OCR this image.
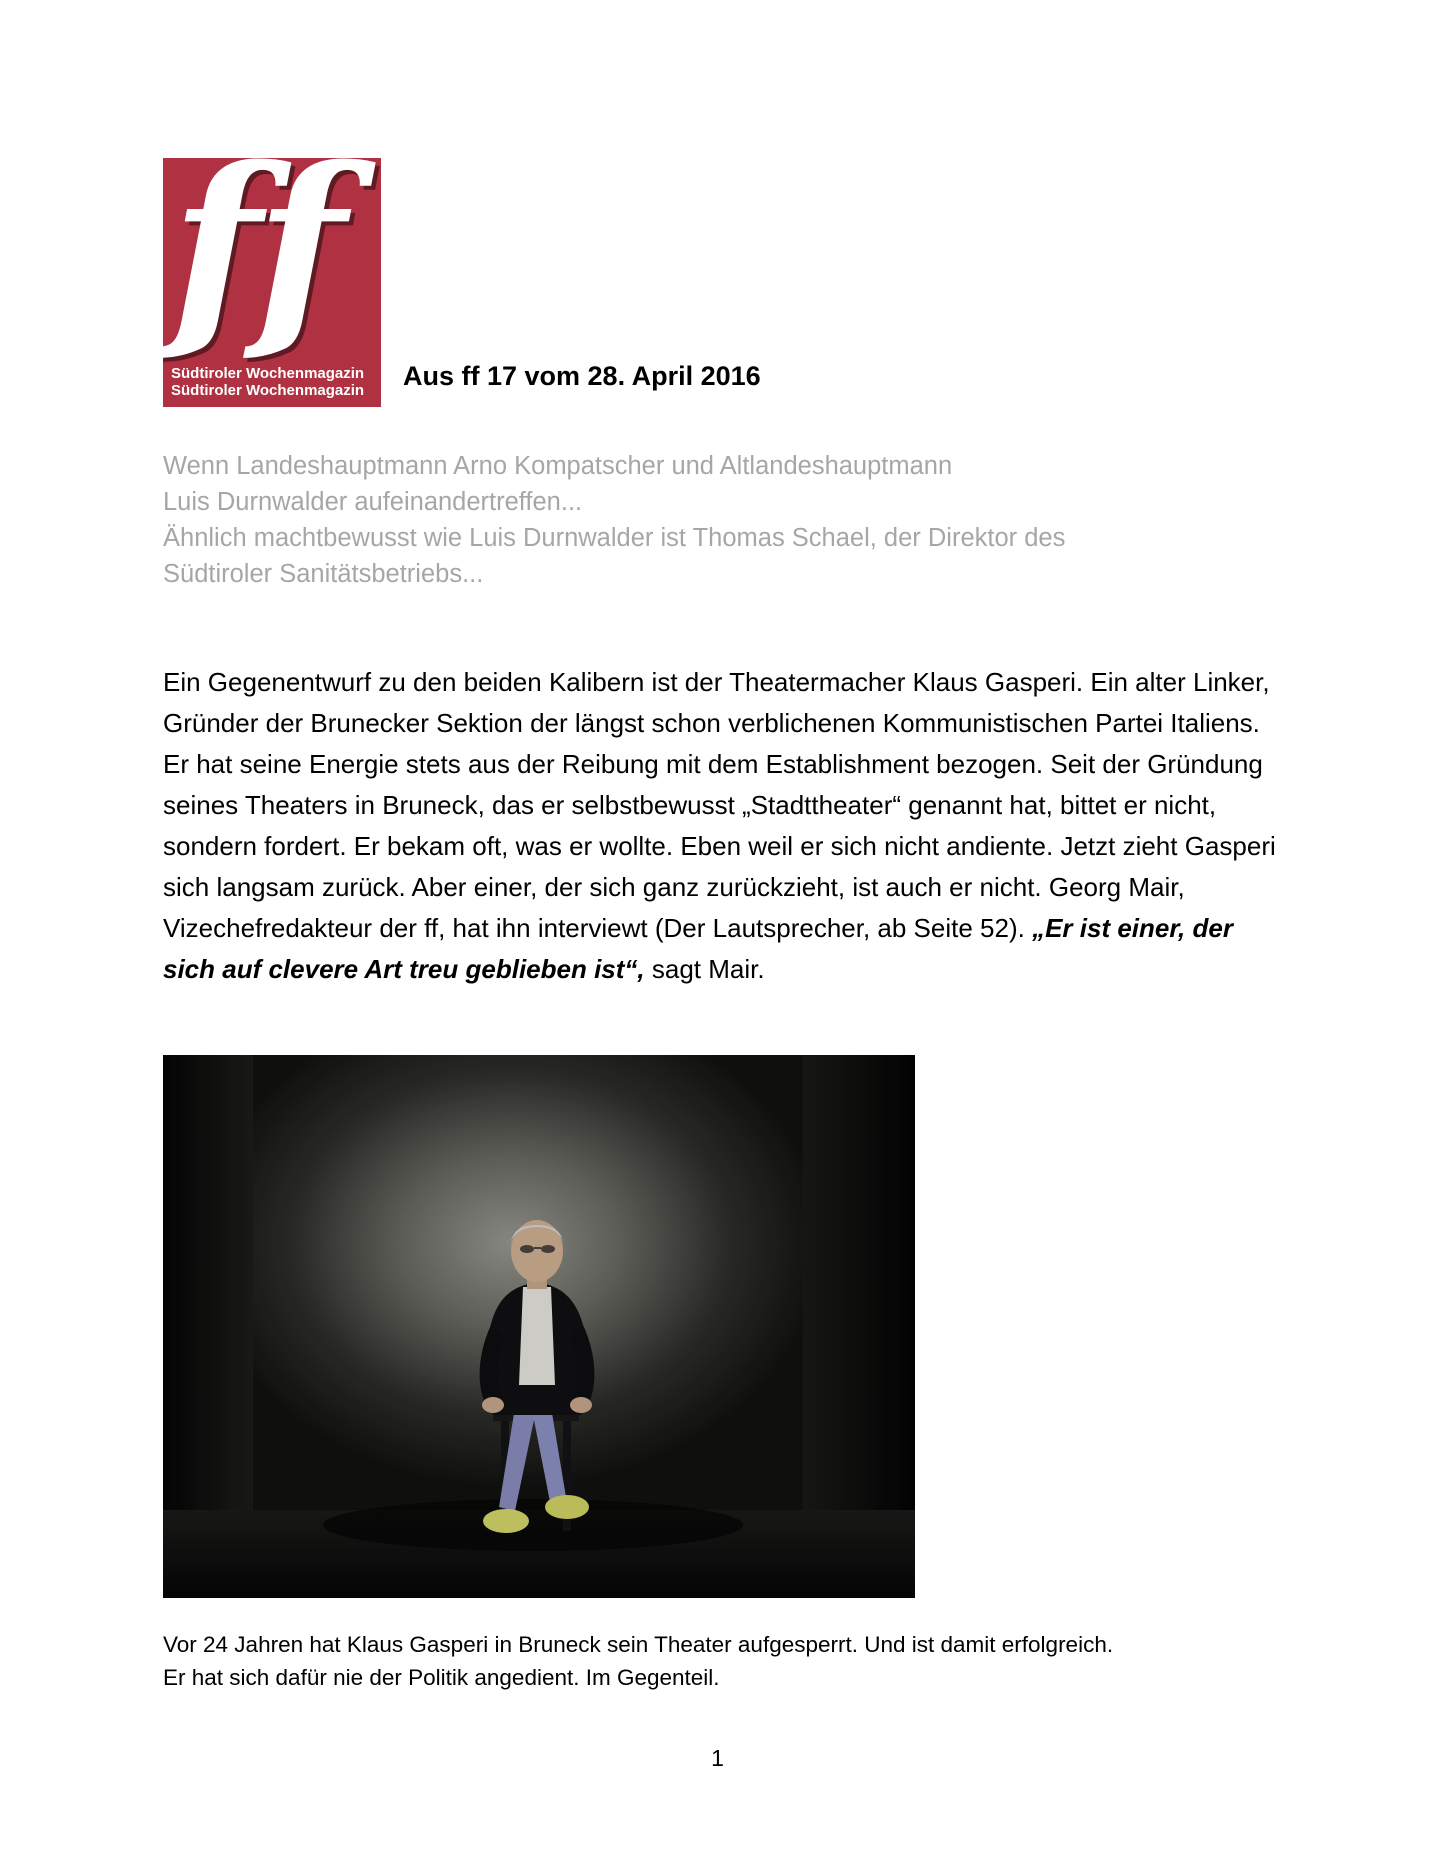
ff
Südtiroler Wochenmagazin
Südtiroler Wochenmagazin	Aus ff 17 vom 28. April 2016

Wenn Landeshauptmann Arno Kompatscher und Altlandeshauptmann

Luis Durnwalder aufeinandertreffen...

Ähnlich machtbewusst wie Luis Durnwalder ist Thomas Schael, der Direktor des

Südtiroler Sanitätsbetriebs...

Ein Gegenentwurf zu den beiden Kalibern ist der Theatermacher Klaus Gasperi. Ein alter Linker, Gründer der Brunecker Sektion der längst schon verblichenen Kommunistischen Partei Italiens. Er hat seine Energie stets aus der Reibung mit dem Establishment bezogen. Seit der Gründung seines Theaters in Bruneck, das er selbstbewusst „Stadttheater“ genannt hat, bittet er nicht, sondern fordert. Er bekam oft, was er wollte. Eben weil er sich nicht andiente. Jetzt zieht Gasperi sich langsam zurück. Aber einer, der sich ganz zurückzieht, ist auch er nicht. Georg Mair, Vizechefredakteur der ff, hat ihn interviewt (Der Lautsprecher, ab Seite 52). „Er ist einer, der sich auf clevere Art treu geblieben ist“, sagt Mair.

Vor 24 Jahren hat Klaus Gasperi in Bruneck sein Theater aufgesperrt. Und ist damit erfolgreich.

Er hat sich dafür nie der Politik angedient. Im Gegenteil.

1
